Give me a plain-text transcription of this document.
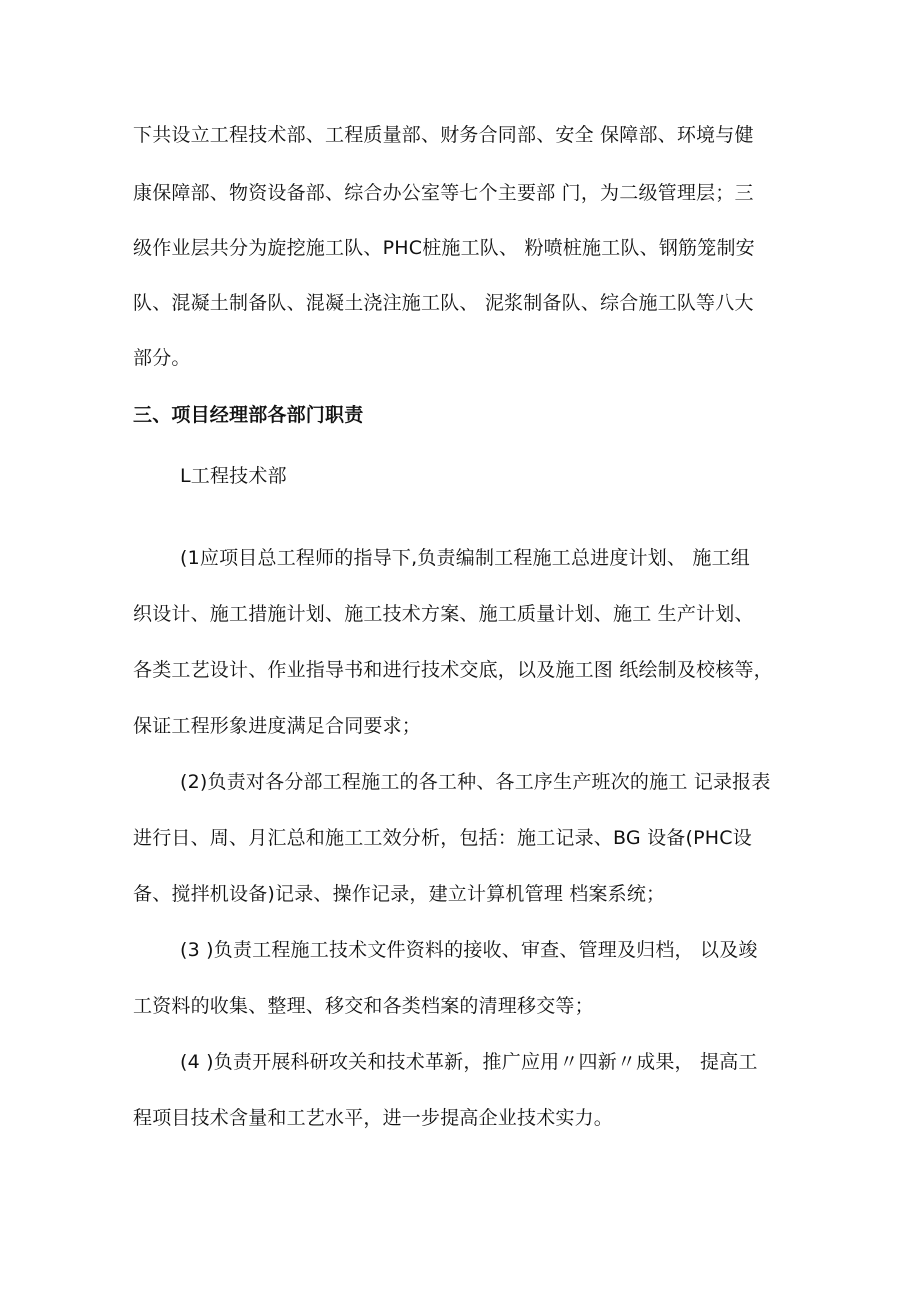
下共设立工程技术部、工程质量部、财务合同部、安全 保障部、环境与健
康保障部、物资设备部、综合办公室等七个主要部 门，为二级管理层；三
级作业层共分为旋挖施工队、PHC桩施工队、 粉喷桩施工队、钢筋笼制安
队、混凝土制备队、混凝土浇注施工队、 泥浆制备队、综合施工队等八大
部分。
三、项目经理部各部门职责
L工程技术部
(1应项目总工程师的指导下,负责编制工程施工总进度计划、 施工组
织设计、施工措施计划、施工技术方案、施工质量计划、施工 生产计划、
各类工艺设计、作业指导书和进行技术交底，以及施工图 纸绘制及校核等，
保证工程形象进度满足合同要求；
(2)负责对各分部工程施工的各工种、各工序生产班次的施工 记录报表
进行日、周、月汇总和施工工效分析，包括：施工记录、BG 设备(PHC设
备、搅拌机设备)记录、操作记录，建立计算机管理 档案系统；
(3 )负责工程施工技术文件资料的接收、审查、管理及归档， 以及竣
工资料的收集、整理、移交和各类档案的清理移交等；
(4 )负责开展科研攻关和技术革新，推广应用〃四新〃成果， 提高工
程项目技术含量和工艺水平，进一步提高企业技术实力。
